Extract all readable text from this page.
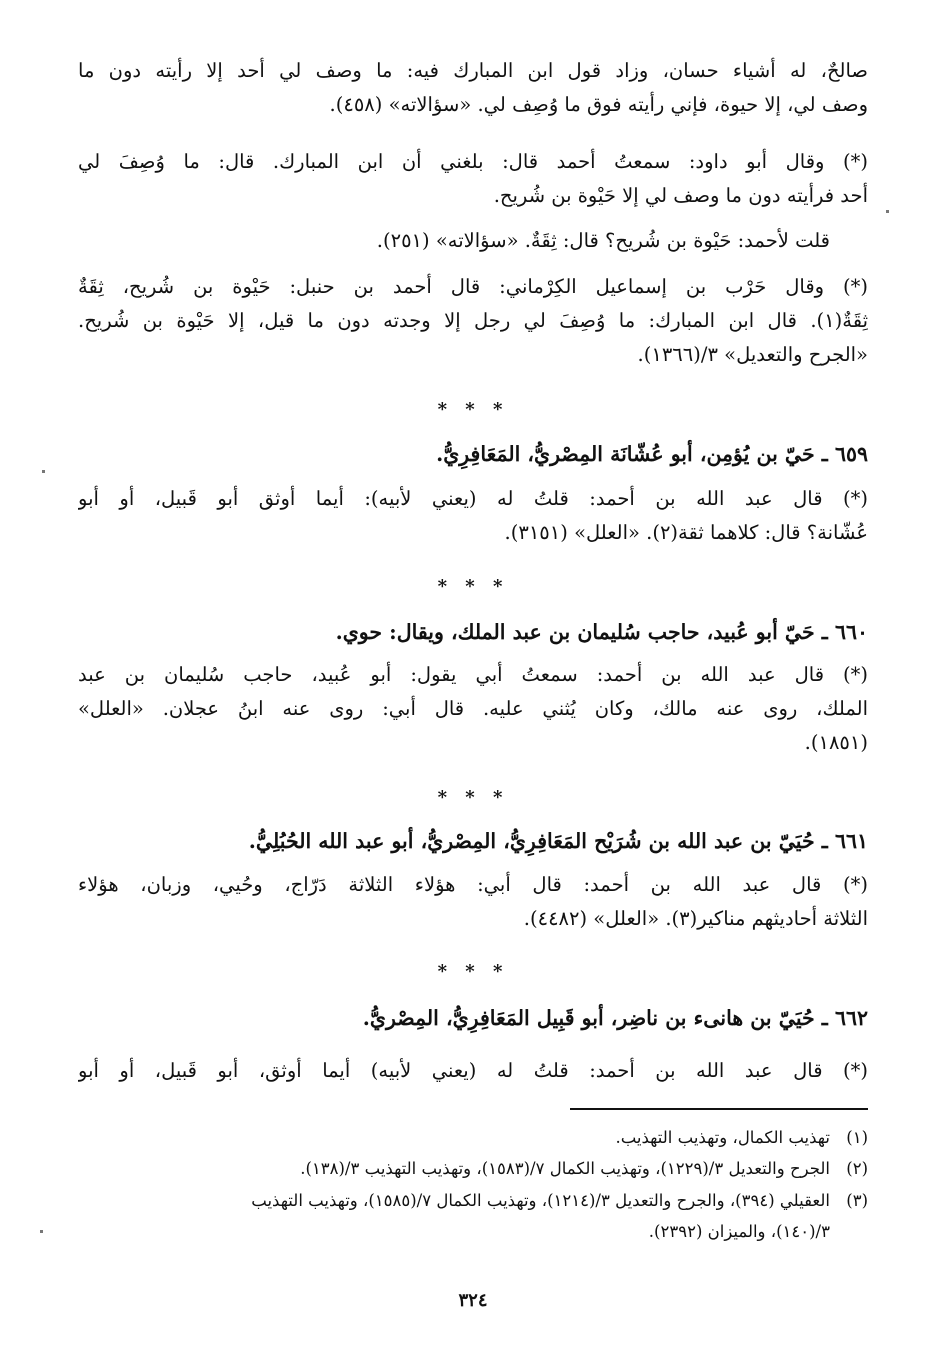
صالحٌ، له أشياء حسان، وزاد قول ابن المبارك فيه: ما وصف لي أحد إلا رأيته دون ما
وصف لي، إلا حيوة، فإني رأيته فوق ما وُصِف لي. «سؤالاته» (٤٥٨).
(*) وقال أبو داود: سمعتُ أحمد قال: بلغني أن ابن المبارك. قال: ما وُصِفَ لي
أحد فرأيته دون ما وصف لي إلا حَيْوة بن شُريح.
قلت لأحمد: حَيْوة بن شُريح؟ قال: ثِقَةٌ. «سؤالاته» (٢٥١).
(*) وقال حَرْب بن إسماعيل الكِرْماني: قال أحمد بن حنبل: حَيْوة بن شُريح، ثِقَةٌ
ثِقَةٌ(١). قال ابن المبارك: ما وُصِفَ لي رجل إلا وجدته دون ما قيل، إلا حَيْوة بن شُريح.
«الجرح والتعديل» ٣/(١٣٦٦).
* * *
٦٥٩ ـ حَيّ بن يُؤمِن، أبو عُشّانَة المِصْريُّ، المَعَافِرِيُّ.
(*) قال عبد الله بن أحمد: قلتُ له (يعني لأبيه): أيما أوثق أبو قَبيل، أو أبو
عُشّانة؟ قال: كلاهما ثقة(٢). «العلل» (٣١٥١).
* * *
٦٦٠ ـ حَيّ أبو عُبيد، حاجب سُليمان بن عبد الملك، ويقال: حوي.
(*) قال عبد الله بن أحمد: سمعتُ أبي يقول: أبو عُبيد، حاجب سُليمان بن عبد
الملك، روى عنه مالك، وكان يُثني عليه. قال أبي: روى عنه ابنُ عجلان. «العلل»
(١٨٥١).
* * *
٦٦١ ـ حُيَيّ بن عبد الله بن شُرَيْح المَعَافِرِيُّ، المِصْريُّ، أبو عبد الله الحُبُلِيُّ.
(*) قال عبد الله بن أحمد: قال أبي: هؤلاء الثلاثة دَرّاج، وحُيي، وزبان، هؤلاء
الثلاثة أحاديثهم مناكير(٣). «العلل» (٤٤٨٢).
* * *
٦٦٢ ـ حُيَيّ بن هانىء بن ناضِر، أبو قَبِيل المَعَافِرِيُّ، المِصْريُّ.
(*) قال عبد الله بن أحمد: قلتُ له (يعني لأبيه) أيما أوثق، أبو قَبيل، أو أبو
(١)تهذيب الكمال، وتهذيب التهذيب.
(٢)الجرح والتعديل ٣/(١٢٢٩)، وتهذيب الكمال ٧/(١٥٨٣)، وتهذيب التهذيب ٣/(١٣٨).
(٣)العقيلي (٣٩٤)، والجرح والتعديل ٣/(١٢١٤)، وتهذيب الكمال ٧/(١٥٨٥)، وتهذيب التهذيب
٣/(١٤٠)، والميزان (٢٣٩٢).
٣٢٤
